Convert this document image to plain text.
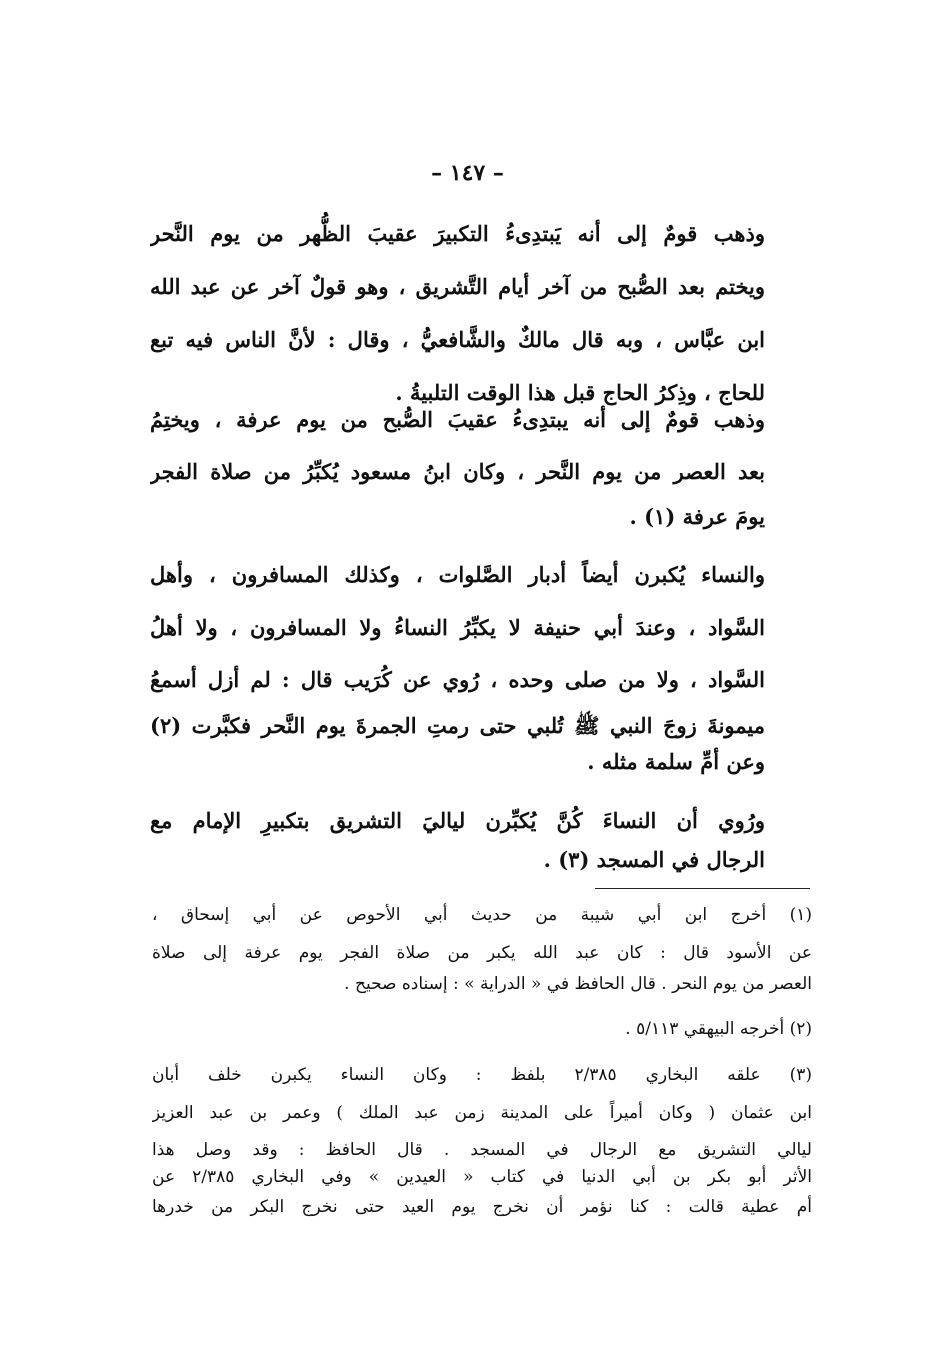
– ١٤٧ –
وذهب قومٌ إلى أنه يَبتدِىءُ التكبيرَ عقيبَ الظُّهر من يوم النَّحر
ويختم بعد الصُّبح من آخر أيام التَّشريق ، وهو قولٌ آخر عن عبد الله
ابن عبَّاس ، وبه قال مالكٌ والشَّافعيُّ ، وقال : لأنَّ الناس فيه تبع
للحاج ، وذِكرُ الحاج قبل هذا الوقت التلبيةُ .
وذهب قومٌ إلى أنه يبتدِىءُ عقيبَ الصُّبح من يوم عرفة ، ويختِمُ
بعد العصر من يوم النَّحر ، وكان ابنُ مسعود يُكبِّرُ من صلاة الفجر
يومَ عرفة (١) .
والنساء يُكبرن أيضاً أدبار الصَّلوات ، وكذلك المسافرون ، وأهل
السَّواد ، وعندَ أبي حنيفة لا يكبِّرُ النساءُ ولا المسافرون ، ولا أهلُ
السَّواد ، ولا من صلى وحده ، رُوي عن كُرَيب قال : لم أزل أسمعُ
ميمونةَ زوجَ النبي ﷺ تُلبي حتى رمتِ الجمرةَ يوم النَّحر فكبَّرت (٢)
وعن أمِّ سلمة مثله .
ورُوي أن النساءَ كُنَّ يُكبِّرن لياليَ التشريق بتكبيرِ الإمام مع
الرجال في المسجد (٣) .
(١) أخرج ابن أبي شيبة من حديث أبي الأحوص عن أبي إسحاق ،
عن الأسود قال : كان عبد الله يكبر من صلاة الفجر يوم عرفة إلى صلاة
العصر من يوم النحر . قال الحافظ في « الدراية » : إسناده صحيح .
(٢) أخرجه البيهقي ٥/١١٣ .
(٣) علقه البخاري ٢/٣٨٥ بلفظ : وكان النساء يكبرن خلف أبان
ابن عثمان ( وكان أميراً على المدينة زمن عبد الملك ) وعمر بن عبد العزيز
ليالي التشريق مع الرجال في المسجد . قال الحافظ : وقد وصل هذا
الأثر أبو بكر بن أبي الدنيا في كتاب « العيدين » وفي البخاري ٢/٣٨٥ عن
أم عطية قالت : كنا نؤمر أن نخرج يوم العيد حتى نخرج البكر من خدرها
